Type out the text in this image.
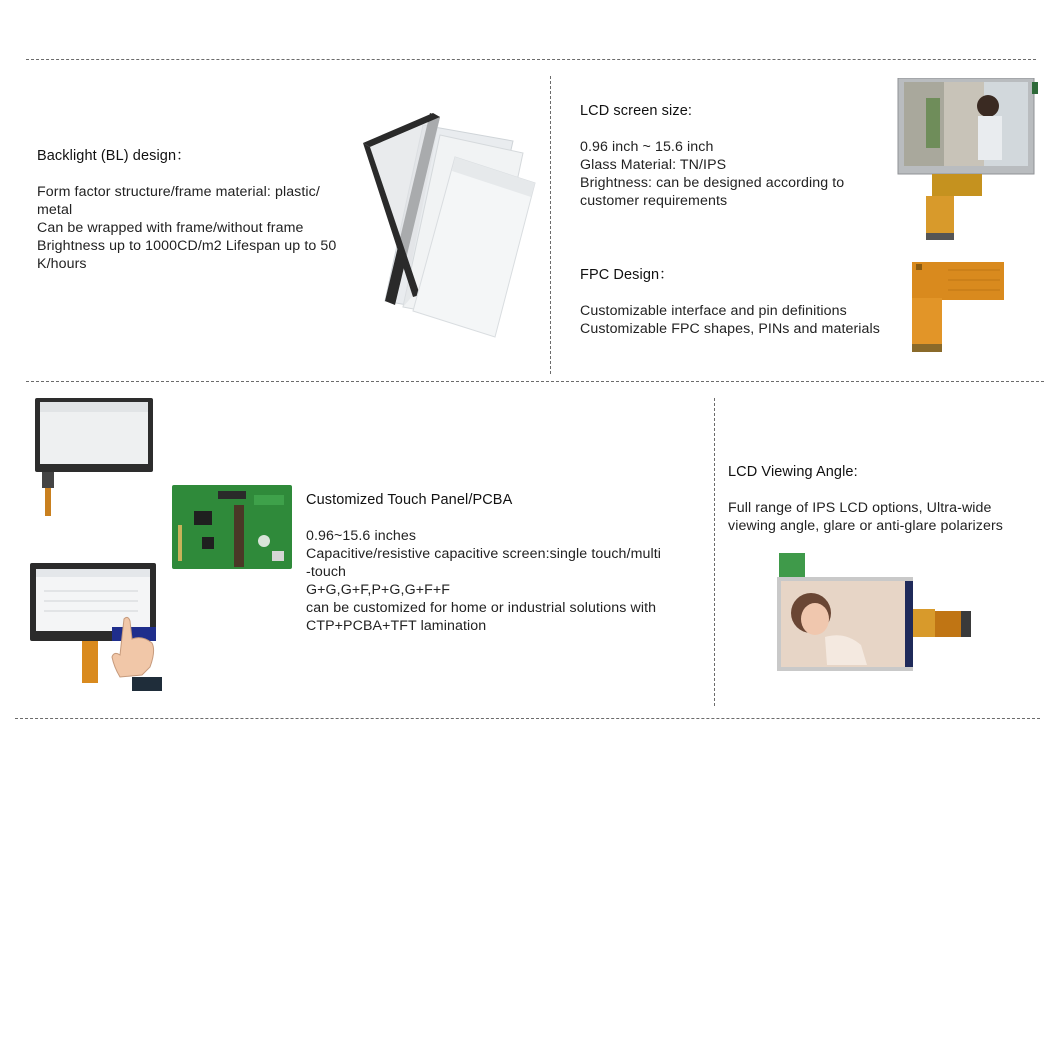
Backlight (BL) design：
Form factor structure/frame material: plastic/
metal
Can be wrapped with frame/without frame
Brightness up to 1000CD/m2 Lifespan up to 50
K/hours
LCD screen size:
0.96 inch ~ 15.6 inch
Glass Material: TN/IPS
Brightness: can be designed according to
customer requirements
FPC Design：
Customizable interface and pin definitions
Customizable FPC shapes, PINs and materials
Customized Touch Panel/PCBA
0.96~15.6 inches
Capacitive/resistive capacitive screen:single touch/multi
-touch
G+G,G+F,P+G,G+F+F
can be customized for home or industrial solutions with
CTP+PCBA+TFT lamination
LCD Viewing Angle:
Full range of IPS LCD options, Ultra-wide
viewing angle, glare or anti-glare polarizers
